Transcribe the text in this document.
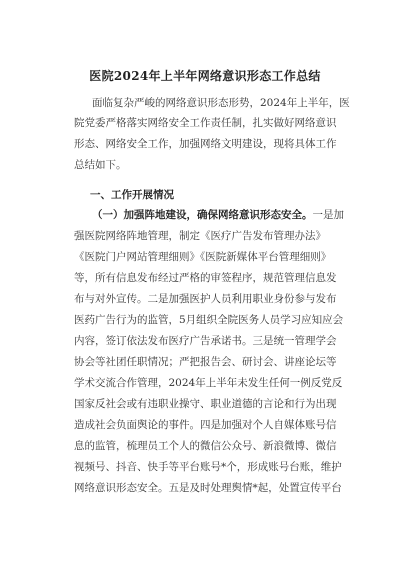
医院2024年上半年网络意识形态工作总结
面临复杂严峻的网络意识形态形势，2024年上半年，医
院党委严格落实网络安全工作责任制，扎实做好网络意识
形态、网络安全工作，加强网络文明建设，现将具体工作
总结如下。
一、工作开展情况
（一）加强阵地建设，确保网络意识形态安全。一是加
强医院网络阵地管理，制定《医疗广告发布管理办法》
《医院门户网站管理细则》《医院新媒体平台管理细则》
等，所有信息发布经过严格的审签程序，规范管理信息发
布与对外宣传。二是加强医护人员利用职业身份参与发布
医药广告行为的监管，5月组织全院医务人员学习应知应会
内容，签订依法发布医疗广告承诺书。三是统一管理学会
协会等社团任职情况；严把报告会、研讨会、讲座论坛等
学术交流合作管理，2024年上半年未发生任何一例反党反
国家反社会或有违职业操守、职业道德的言论和行为出现
造成社会负面舆论的事件。四是加强对个人自媒体账号信
息的监管，梳理员工个人的微信公众号、新浪微博、微信
视频号、抖音、快手等平台账号*个，形成账号台账，维护
网络意识形态安全。五是及时处理舆情*起，处置宣传平台
